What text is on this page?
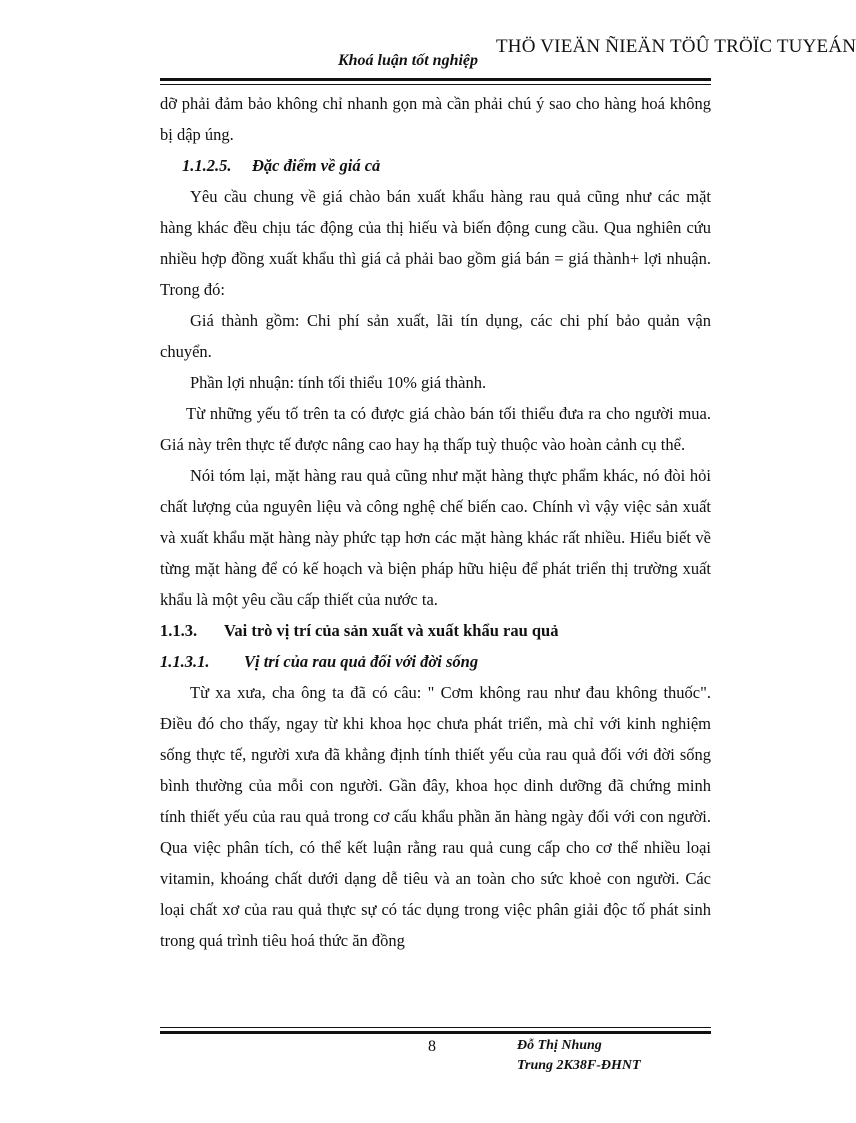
THÖ VIEÄN ÑIEÄN TÖÛ TRÖÏC TUYEÁN
Khoá luận tốt nghiệp

dỡ phải đảm bảo không chỉ nhanh gọn mà cần phải chú ý sao cho hàng hoá không bị dập úng.

1.1.2.5. Đặc điểm về giá cả

Yêu cầu chung về giá chào bán xuất khẩu hàng rau quả cũng như các mặt hàng khác đều chịu tác động của thị hiếu và biến động cung cầu. Qua nghiên cứu nhiều hợp đồng xuất khẩu thì giá cả phải bao gồm giá bán = giá thành+ lợi nhuận. Trong đó:

Giá thành gồm: Chi phí sản xuất, lãi tín dụng, các chi phí bảo quản vận chuyển.

Phần lợi nhuận: tính tối thiểu 10% giá thành.

Từ những yếu tố trên ta có được giá chào bán tối thiểu đưa ra cho người mua. Giá này trên thực tế được nâng cao hay hạ thấp tuỳ thuộc vào hoàn cảnh cụ thể.

Nói tóm lại, mặt hàng rau quả cũng như mặt hàng thực phẩm khác, nó đòi hỏi chất lượng của nguyên liệu và công nghệ chế biến cao. Chính vì vậy việc sản xuất và xuất khẩu mặt hàng này phức tạp hơn các mặt hàng khác rất nhiều. Hiểu biết về từng mặt hàng để có kế hoạch và biện pháp hữu hiệu để phát triển thị trường xuất khẩu là một yêu cầu cấp thiết của nước ta.

1.1.3. Vai trò vị trí của sản xuất và xuất khẩu rau quả

1.1.3.1. Vị trí của rau quả đối với đời sống

Từ xa xưa, cha ông ta đã có câu: " Cơm không rau như đau không thuốc". Điều đó cho thấy, ngay từ khi khoa học chưa phát triển, mà chỉ với kinh nghiệm sống thực tế, người xưa đã khẳng định tính thiết yếu của rau quả đối với đời sống bình thường của mỗi con người. Gần đây, khoa học dinh dưỡng đã chứng minh tính thiết yếu của rau quả trong cơ cấu khẩu phần ăn hàng ngày đối với con người. Qua việc phân tích, có thể kết luận rằng rau quả cung cấp cho cơ thể nhiều loại vitamin, khoáng chất dưới dạng dễ tiêu và an toàn cho sức khoẻ con người. Các loại chất xơ của rau quả thực sự có tác dụng trong việc phân giải độc tố phát sinh trong quá trình tiêu hoá thức ăn đồng

8	Đỗ Thị Nhung
Trung 2K38F-ĐHNT
